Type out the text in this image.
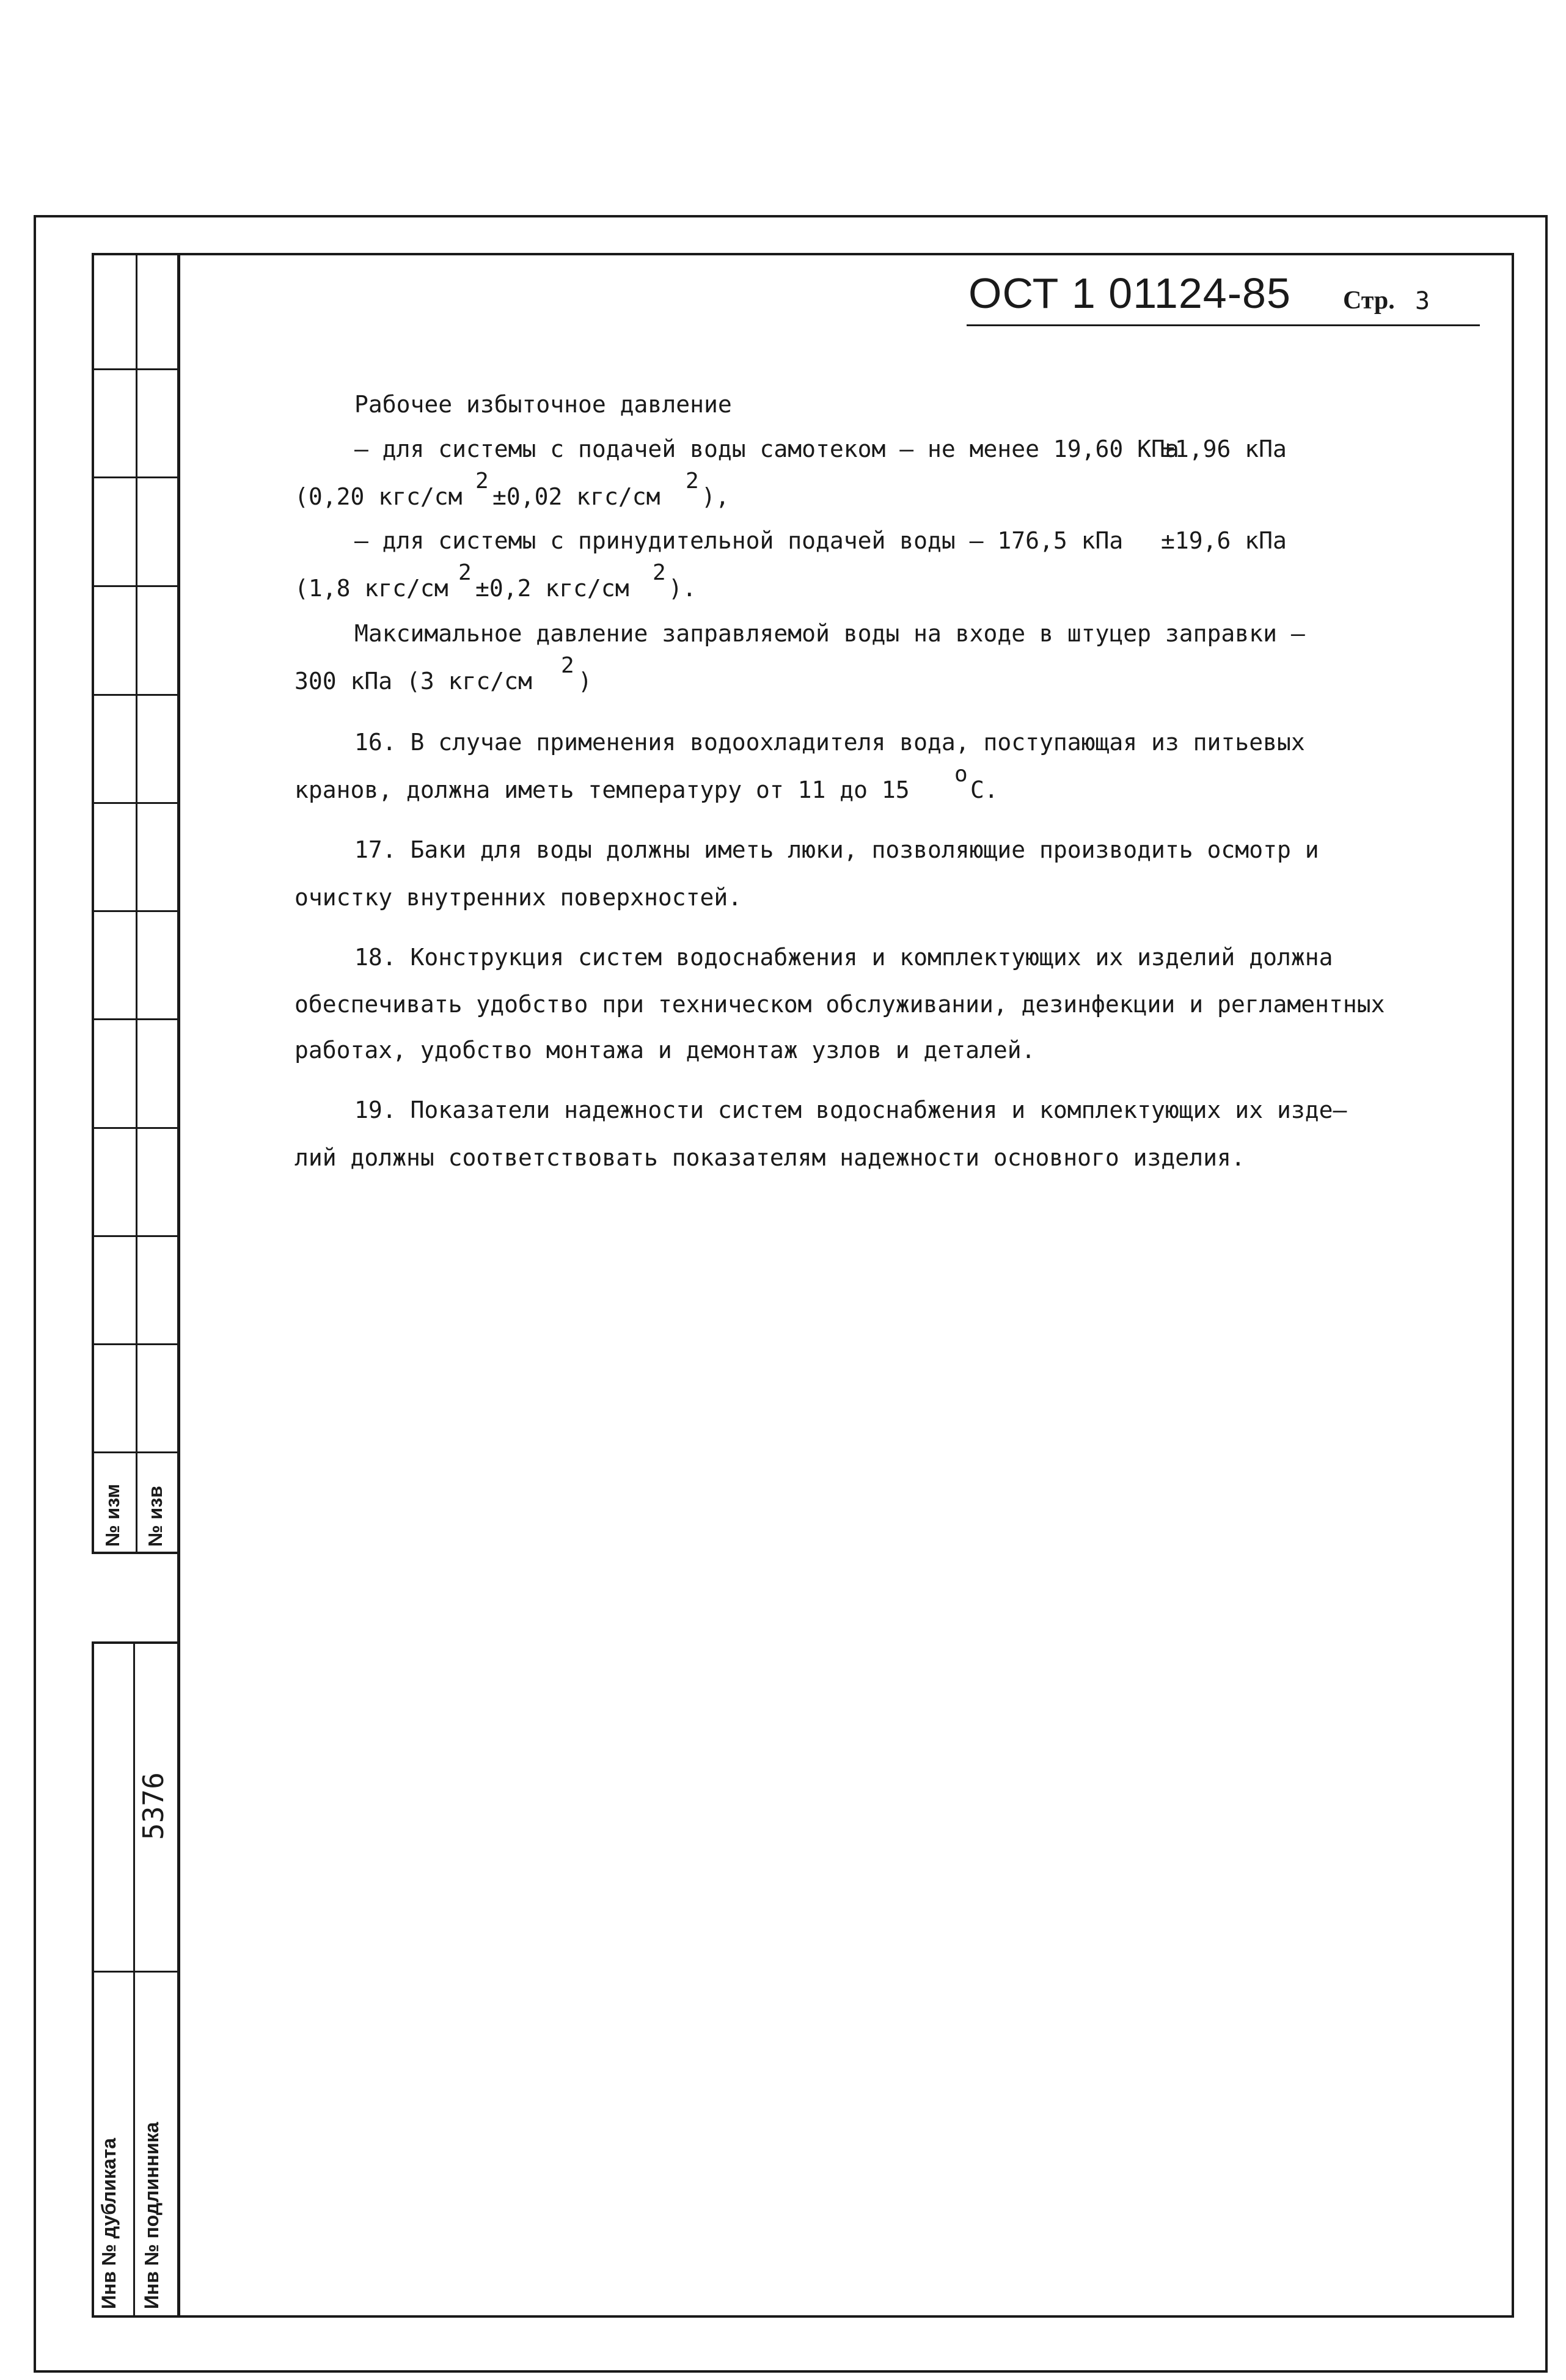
№ изм № изв
5376
Инв № дубликата Инв № подлинника
ОСТ 1 01124-85 Стр. 3
Рабочее избыточное давление
– для системы с подачей воды самотеком – не менее 19,60 КПа
±1,96 кПа
(0,20 кгс/см
2
±0,02 кгс/см
2
),
– для системы с принудительной подачей воды – 176,5 кПа ±19,6 кПа
(1,8 кгс/см
2
±0,2 кгс/см
2
).
Максимальное давление заправляемой воды на входе в штуцер заправки –
300 кПа (3 кгс/см
2
)
16. В случае применения водоохладителя вода, поступающая из питьевых
кранов, должна иметь температуру от 11 до 15
о
С.
17. Баки для воды должны иметь люки, позволяющие производить осмотр и
очистку внутренних поверхностей.
18. Конструкция систем водоснабжения и комплектующих их изделий должна
обеспечивать удобство при техническом обслуживании, дезинфекции и регламентных
работах, удобство монтажа и демонтаж узлов и деталей.
19. Показатели надежности систем водоснабжения и комплектующих их изде–
лий должны соответствовать показателям надежности основного изделия.
